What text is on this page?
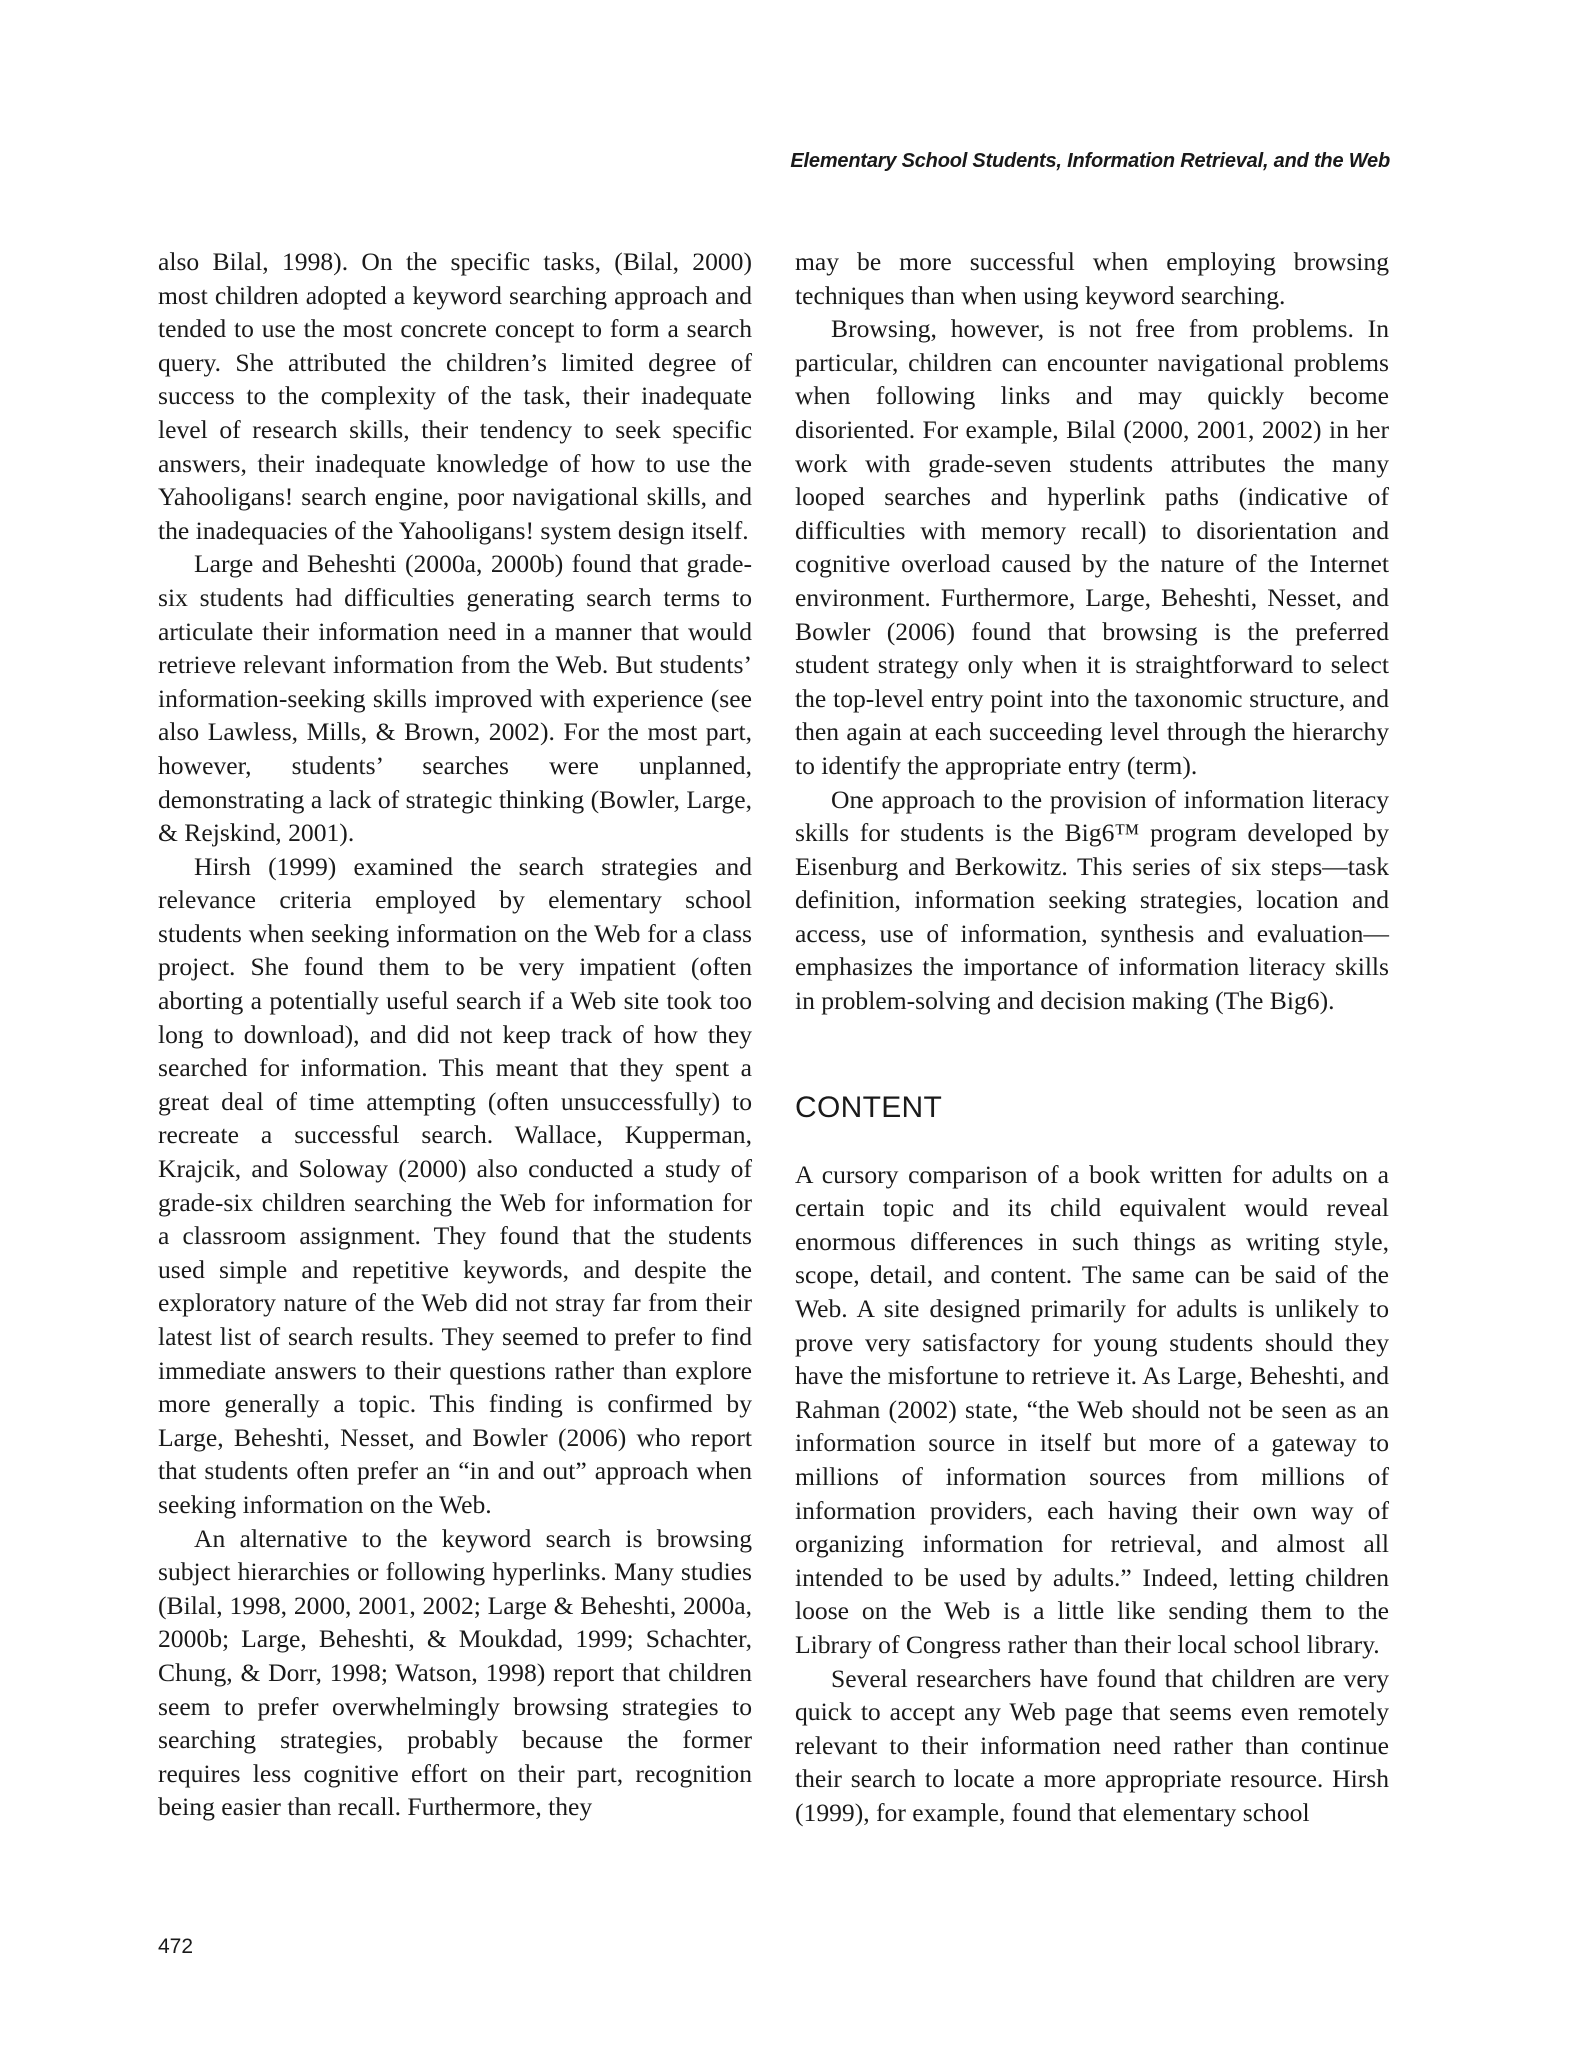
Elementary School Students, Information Retrieval, and the Web

also Bilal, 1998). On the specific tasks, (Bilal, 2000) most children adopted a keyword searching approach and tended to use the most concrete concept to form a search query. She attributed the children’s limited degree of success to the complexity of the task, their inadequate level of research skills, their tendency to seek specific answers, their inadequate knowledge of how to use the Yahooligans! search engine, poor navigational skills, and the inadequacies of the Yahooligans! system design itself.

Large and Beheshti (2000a, 2000b) found that grade-six students had difficulties generating search terms to articulate their information need in a manner that would retrieve relevant information from the Web. But students’ information-seeking skills improved with experience (see also Lawless, Mills, & Brown, 2002). For the most part, however, students’ searches were unplanned, demonstrating a lack of strategic thinking (Bowler, Large, & Rejskind, 2001).

Hirsh (1999) examined the search strategies and relevance criteria employed by elementary school students when seeking information on the Web for a class project. She found them to be very impatient (often aborting a potentially useful search if a Web site took too long to download), and did not keep track of how they searched for information. This meant that they spent a great deal of time attempting (often unsuccessfully) to recreate a successful search. Wallace, Kupperman, Krajcik, and Soloway (2000) also conducted a study of grade-six children searching the Web for information for a classroom assignment. They found that the students used simple and repetitive keywords, and despite the exploratory nature of the Web did not stray far from their latest list of search results. They seemed to prefer to find immediate answers to their questions rather than explore more generally a topic. This finding is confirmed by Large, Beheshti, Nesset, and Bowler (2006) who report that students often prefer an “in and out” approach when seeking information on the Web.

An alternative to the keyword search is browsing subject hierarchies or following hyperlinks. Many studies (Bilal, 1998, 2000, 2001, 2002; Large & Beheshti, 2000a, 2000b; Large, Beheshti, & Moukdad, 1999; Schachter, Chung, & Dorr, 1998; Watson, 1998) report that children seem to prefer overwhelmingly browsing strategies to searching strategies, probably because the former requires less cognitive effort on their part, recognition being easier than recall. Furthermore, they

may be more successful when employing browsing techniques than when using keyword searching.

Browsing, however, is not free from problems. In particular, children can encounter navigational problems when following links and may quickly become disoriented. For example, Bilal (2000, 2001, 2002) in her work with grade-seven students attributes the many looped searches and hyperlink paths (indicative of difficulties with memory recall) to disorientation and cognitive overload caused by the nature of the Internet environment. Furthermore, Large, Beheshti, Nesset, and Bowler (2006) found that browsing is the preferred student strategy only when it is straightforward to select the top-level entry point into the taxonomic structure, and then again at each succeeding level through the hierarchy to identify the appropriate entry (term).

One approach to the provision of information literacy skills for students is the Big6™ program developed by Eisenburg and Berkowitz. This series of six steps—task definition, information seeking strategies, location and access, use of information, synthesis and evaluation—emphasizes the importance of information literacy skills in problem-solving and decision making (The Big6).

CONTENT

A cursory comparison of a book written for adults on a certain topic and its child equivalent would reveal enormous differences in such things as writing style, scope, detail, and content. The same can be said of the Web. A site designed primarily for adults is unlikely to prove very satisfactory for young students should they have the misfortune to retrieve it. As Large, Beheshti, and Rahman (2002) state, “the Web should not be seen as an information source in itself but more of a gateway to millions of information sources from millions of information providers, each having their own way of organizing information for retrieval, and almost all intended to be used by adults.” Indeed, letting children loose on the Web is a little like sending them to the Library of Congress rather than their local school library.

Several researchers have found that children are very quick to accept any Web page that seems even remotely relevant to their information need rather than continue their search to locate a more appropriate resource. Hirsh (1999), for example, found that elementary school

472
